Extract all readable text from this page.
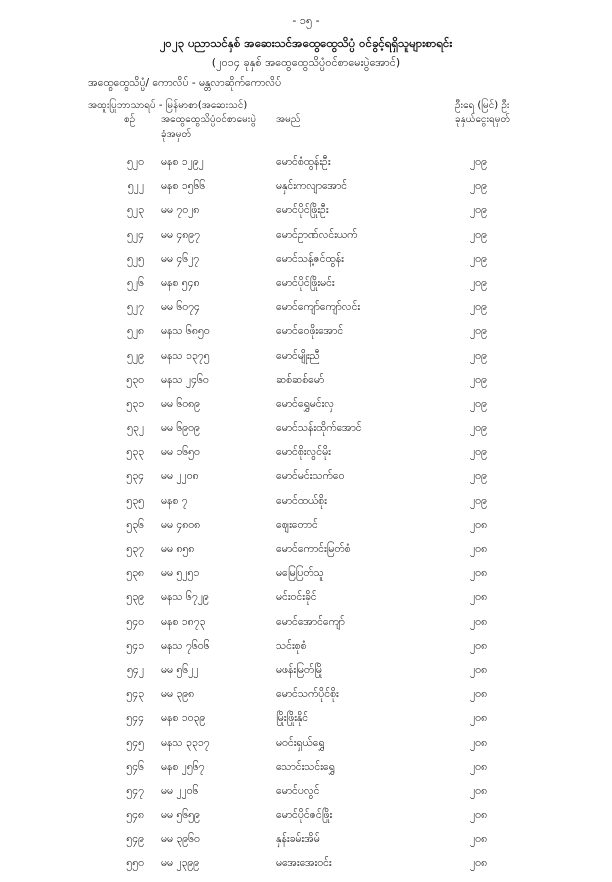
- ၁၅ -
၂၀၂၃ ပညာသင်နှစ် အဆေးသင်အထွေထွေသိပ္ပံ ဝင်ခွင့်ရရှိသူများစာရင်း
(၂၀၁၄ ခုနှစ် အထွေထွေသိပ္ပံဝင်စာမေးပွဲအောင်)
အထွေထွေသိပ္ပံ/ ကောလိပ် - မန္တလာဆိုက်ကောလိပ်
အထူးပြုဘာသာရပ် - မြန်မာစာ(အဆေးသင်)	ဦးရေ (မြင်) ဦး
စဉ်	အထွေထွေသိပ္ပံဝင်စာမေးပွဲ အမည်	ခုနှယ်ငွေးရမှတ်
ခုံအမှတ်
၅၂၀ မနစ ၁၂၉၂	မောင်စံထွန်းဦး	၂၀၉
၅၂၂ မနစ ၁၅၆၆	မနှင်းကလျာအောင်	၂၀၉
၅၂၃ မမ ၇၀၂၈	မောင်ပိုင်ဖြိုးဦး	၂၀၉
၅၂၄ မမ ၄၈၉၇	မောင်ဥာဏ်လင်းယက်	၂၀၉
၅၂၅ မမ ၄၆၂၇	မောင်သန့်ဇင်ထွန်း	၂၀၉
၅၂၆ မနစ ၅၄၈	မောင်ပိုင်ဖြိုးမင်း	၂၀၉
၅၂၇ မမ ၆၀၇၄	မောင်ကျော်ကျော်လင်း	၂၀၉
၅၂၈ မနသ ၆၈၅၀	မောင်ဝေဖိုးအောင်	၂၀၉
၅၂၉ မနသ ၁၃၇၅	မောင်မျိုးညီ	၂၀၉
၅၃၀ မနသ ၂၄၆၀	ဆစ်ဆစ်မော်	၂၀၉
၅၃၁ မမ ၆၀၈၉	မောင်ရွှေမင်းလှ	၂၀၉
၅၃၂ မမ ၆၉၀၉	မောင်သန်းထိုက်အောင်	၂၀၉
၅၃၃ မမ ၁၆၅၀	မောင်စိုးလွင်မိုး	၂၀၉
၅၃၄ မမ ၂၂၀၈	မောင်မင်းသက်ဝေ	၂၀၉
၅၃၅ မနစ ၇	မောင်ထယ်စိုး	၂၀၉
၅၃၆ မမ ၄၈၀၈	ဈေးတောင်	၂၀၈
၅၃၇ မမ ၈၅၈	မောင်ကောင်းမြတ်စံ	၂၀၈
၅၃၈ မမ ၅၂၅၁	မမြေပြတ်သူ	၂၀၈
၅၃၉ မနသ ၆၇၂၉	မင်းဝင်းခိုင်	၂၀၈
၅၄၀ မနစ ၁၈၇၃	မောင်အောင်ကျော်	၂၀၈
၅၄၁ မနသ ၇၆၀၆	သင်းစုစံ	၂၀၈
၅၄၂ မမ ၅၆၂၂	မဖန်းမြတ်မြို	၂၀၈
၅၄၃ မမ ၃၉၈	မောင်သက်ပိုင်စိုး	၂၀၈
၅၄၄ မနစ ၁၀၃၉	မြိုးဖြိုးနိုင်	၂၀၈
၅၄၅ မနသ ၃၃၁၇	မဝင်းရှယ်ရွှေ	၂၀၈
၅၄၆ မနစ ၂၅၆၇	သောင်းသင်းရွှေ	၂၀၈
၅၄၇ မမ ၂၂၀၆	မောင်ပလွင်	၂၀၈
၅၄၈ မမ ၅၆၅၉	မောင်ပိုင်ဇင်ဖြိုး	၂၀၈
၅၄၉ မမ ၃၉၆၀	နှန်းခမ်းအိမ်	၂၀၈
၅၅၀ မမ ၂၃၉၉	မအေးအေးဝင်း	၂၀၈
